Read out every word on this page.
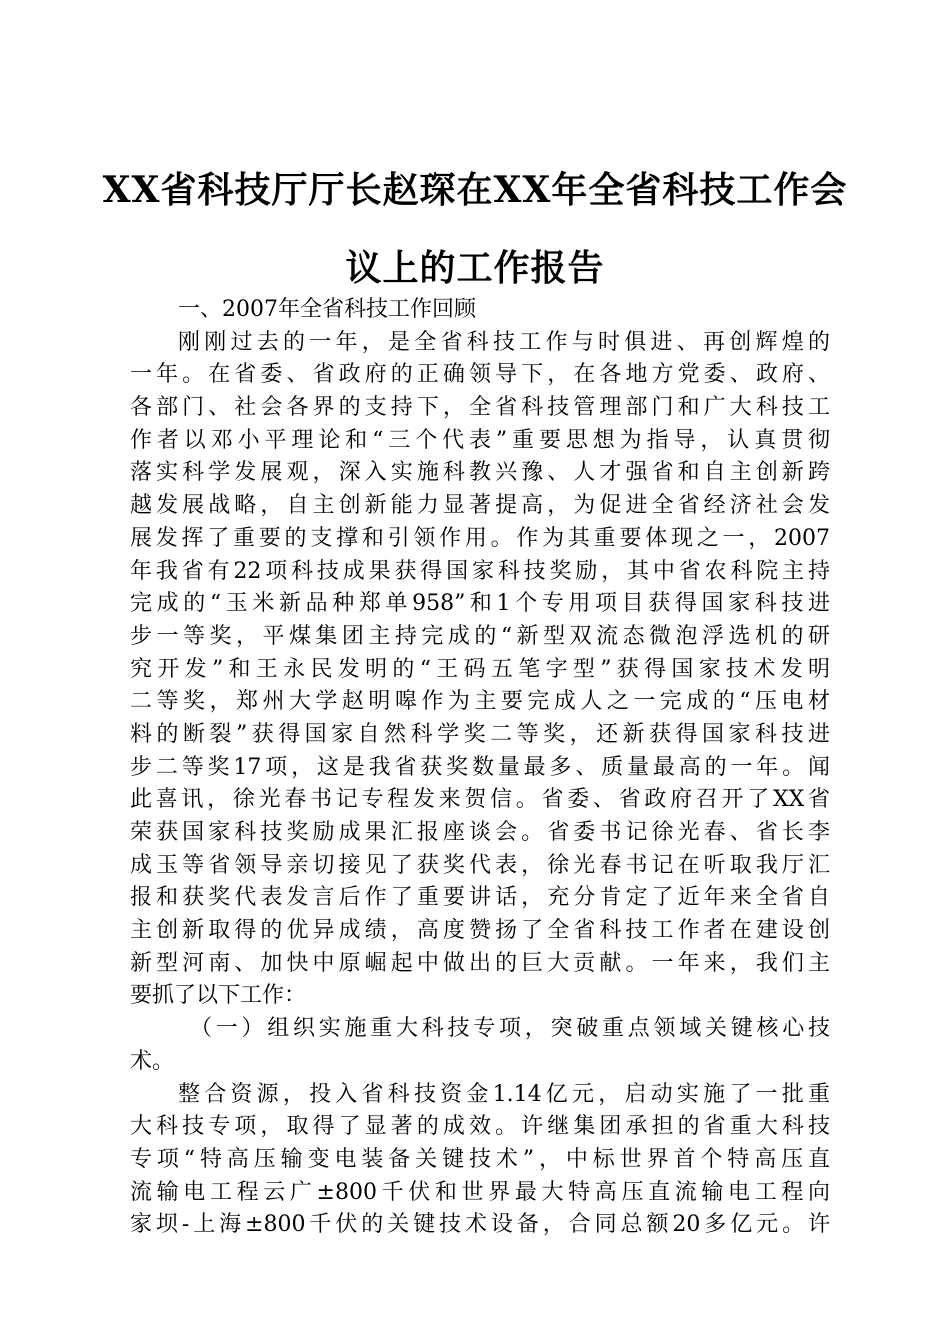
XX省科技厅厅长赵琛在XX年全省科技工作会
议上的工作报告
一、2007年全省科技工作回顾
刚刚过去的一年，是全省科技工作与时俱进、再创辉煌的
一年。在省委、省政府的正确领导下，在各地方党委、政府、
各部门、社会各界的支持下，全省科技管理部门和广大科技工
作者以邓小平理论和“三个代表”重要思想为指导，认真贯彻
落实科学发展观，深入实施科教兴豫、人才强省和自主创新跨
越发展战略，自主创新能力显著提高，为促进全省经济社会发
展发挥了重要的支撑和引领作用。作为其重要体现之一，2007
年我省有22项科技成果获得国家科技奖励，其中省农科院主持
完成的“玉米新品种郑单958”和1个专用项目获得国家科技进
步一等奖，平煤集团主持完成的“新型双流态微泡浮选机的研
究开发”和王永民发明的“王码五笔字型”获得国家技术发明
二等奖，郑州大学赵明嗥作为主要完成人之一完成的“压电材
料的断裂”获得国家自然科学奖二等奖，还新获得国家科技进
步二等奖17项，这是我省获奖数量最多、质量最高的一年。闻
此喜讯，徐光春书记专程发来贺信。省委、省政府召开了XX省
荣获国家科技奖励成果汇报座谈会。省委书记徐光春、省长李
成玉等省领导亲切接见了获奖代表，徐光春书记在听取我厅汇
报和获奖代表发言后作了重要讲话，充分肯定了近年来全省自
主创新取得的优异成绩，高度赞扬了全省科技工作者在建设创
新型河南、加快中原崛起中做出的巨大贡献。一年来，我们主
要抓了以下工作：
（一）组织实施重大科技专项，突破重点领域关键核心技
术。
整合资源，投入省科技资金1.14亿元，启动实施了一批重
大科技专项，取得了显著的成效。许继集团承担的省重大科技
专项“特高压输变电装备关键技术”，中标世界首个特高压直
流输电工程云广±800千伏和世界最大特高压直流输电工程向
家坝-上海±800千伏的关键技术设备，合同总额20多亿元。许
